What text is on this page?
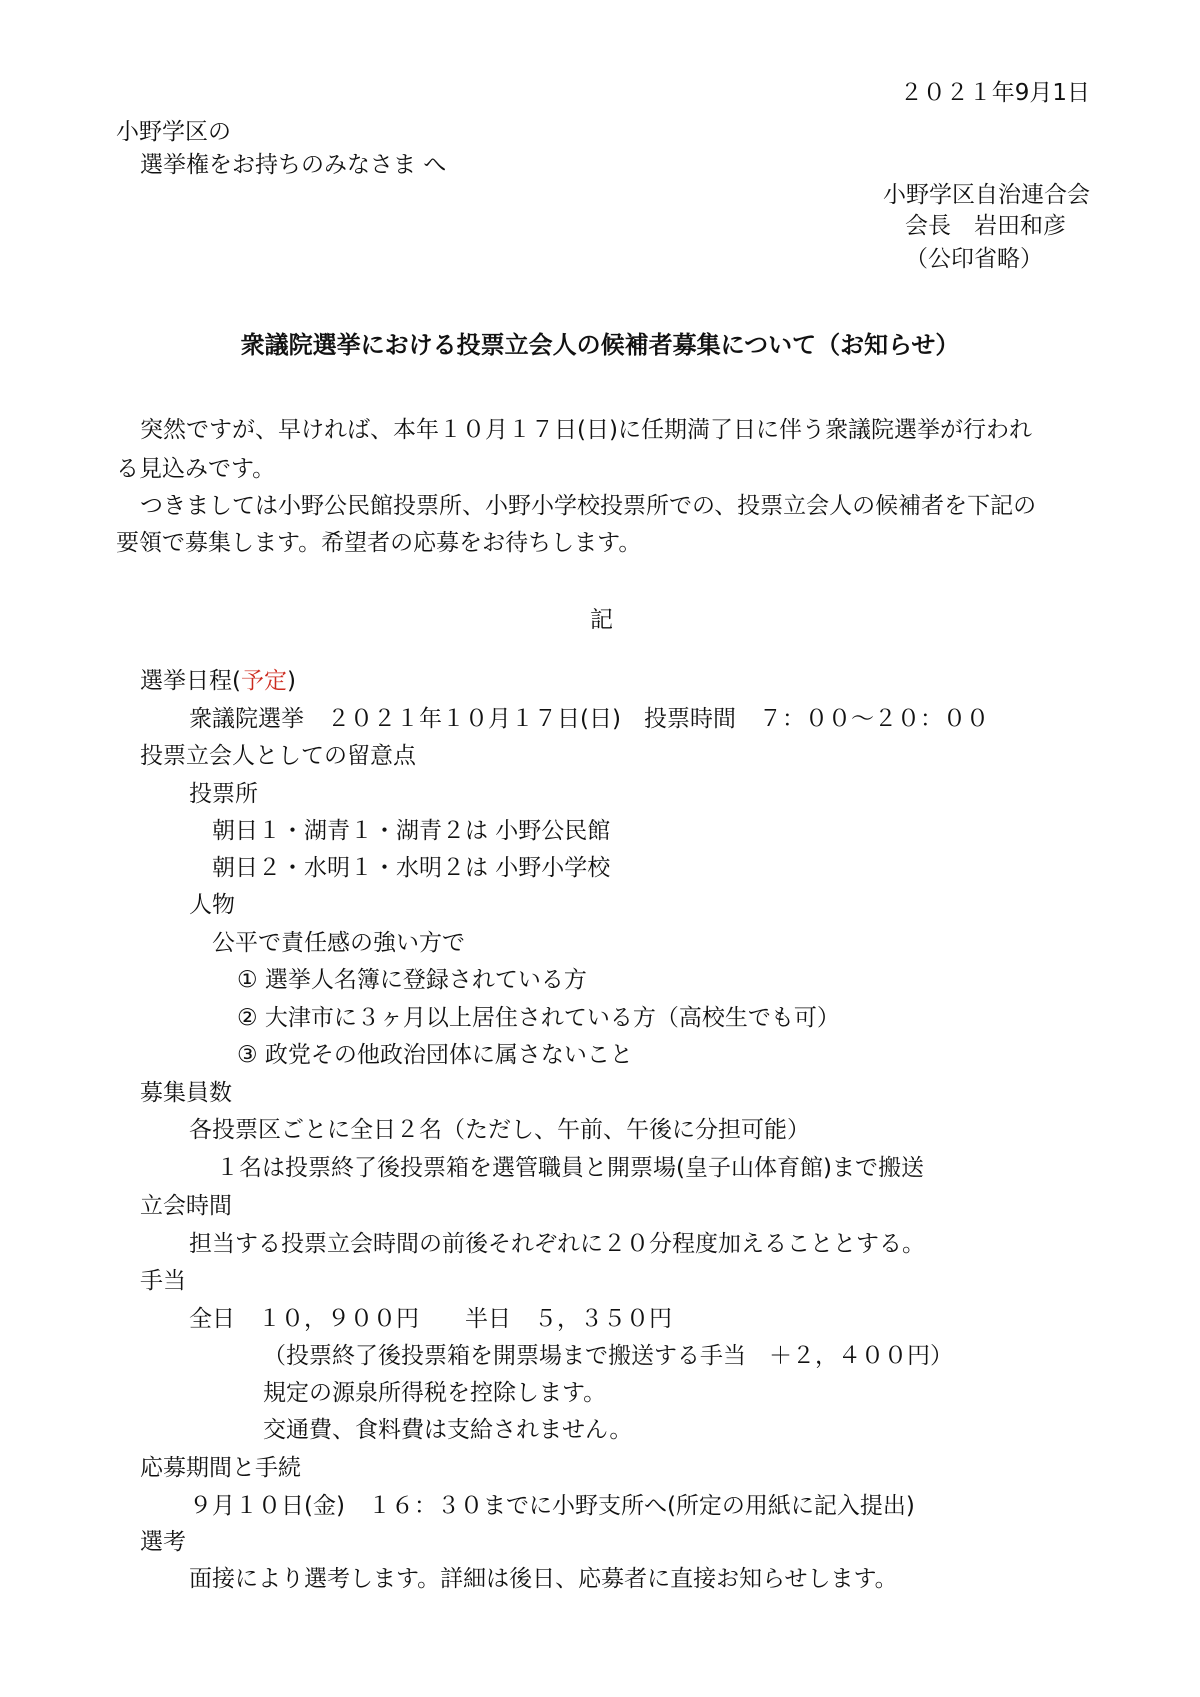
２０２１年9月1日
小野学区の
選挙権をお持ちのみなさま へ
小野学区自治連合会
会長　岩田和彦
（公印省略）
衆議院選挙における投票立会人の候補者募集について（お知らせ）
突然ですが、早ければ、本年１０月１７日(日)に任期満了日に伴う衆議院選挙が行われ
る見込みです。
つきましては小野公民館投票所、小野小学校投票所での、投票立会人の候補者を下記の
要領で募集します。希望者の応募をお待ちします。
記
選挙日程(予定)
衆議院選挙　２０２１年１０月１７日(日)　投票時間　７：００～２０：００
投票立会人としての留意点
投票所
朝日１・湖青１・湖青２は 小野公民館
朝日２・水明１・水明２は 小野小学校
人物
公平で責任感の強い方で
① 選挙人名簿に登録されている方
② 大津市に３ヶ月以上居住されている方（高校生でも可）
③ 政党その他政治団体に属さないこと
募集員数
各投票区ごとに全日２名（ただし、午前、午後に分担可能）
１名は投票終了後投票箱を選管職員と開票場(皇子山体育館)まで搬送
立会時間
担当する投票立会時間の前後それぞれに２０分程度加えることとする。
手当
全日　１０，９００円　　半日　５，３５０円
（投票終了後投票箱を開票場まで搬送する手当　＋２，４００円）
規定の源泉所得税を控除します。
交通費、食料費は支給されません。
応募期間と手続
９月１０日(金)　１６：３０までに小野支所へ(所定の用紙に記入提出)
選考
面接により選考します。詳細は後日、応募者に直接お知らせします。
